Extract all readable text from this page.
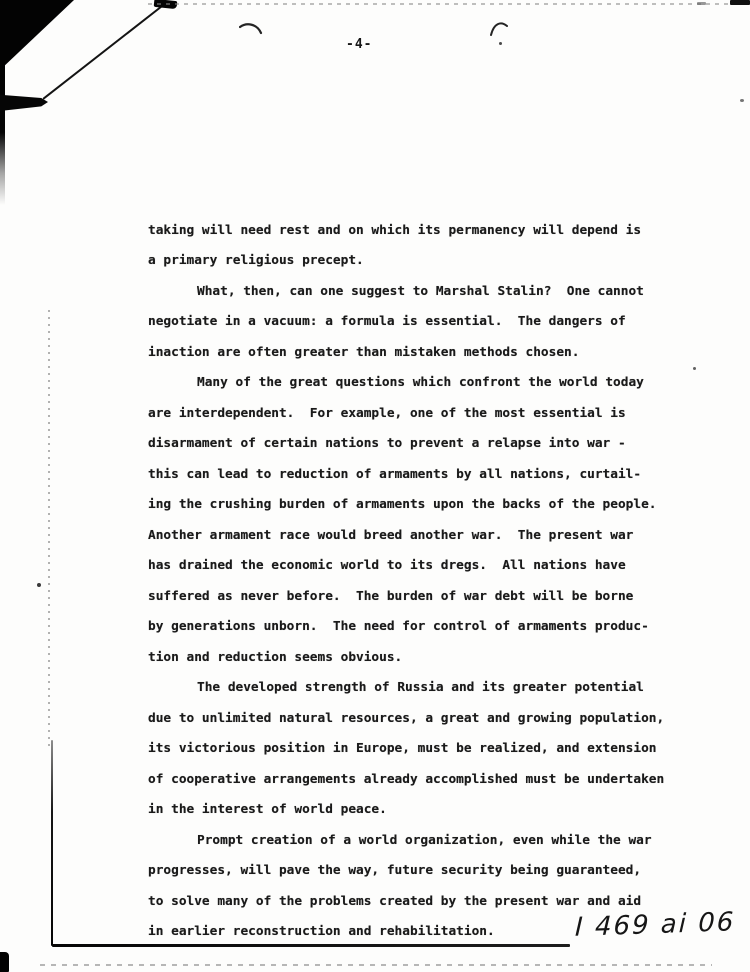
-4-

taking will need rest and on which its permanency will depend is
a primary religious precept.
What, then, can one suggest to Marshal Stalin?  One cannot
negotiate in a vacuum: a formula is essential.  The dangers of
inaction are often greater than mistaken methods chosen.
Many of the great questions which confront the world today
are interdependent.  For example, one of the most essential is
disarmament of certain nations to prevent a relapse into war -
this can lead to reduction of armaments by all nations, curtail-
ing the crushing burden of armaments upon the backs of the people.
Another armament race would breed another war.  The present war
has drained the economic world to its dregs.  All nations have
suffered as never before.  The burden of war debt will be borne
by generations unborn.  The need for control of armaments produc-
tion and reduction seems obvious.
The developed strength of Russia and its greater potential
due to unlimited natural resources, a great and growing population,
its victorious position in Europe, must be realized, and extension
of cooperative arrangements already accomplished must be undertaken
in the interest of world peace.
Prompt creation of a world organization, even while the war
progresses, will pave the way, future security being guaranteed,
to solve many of the problems created by the present war and aid
in earlier reconstruction and rehabilitation.	I 469 ai 06
